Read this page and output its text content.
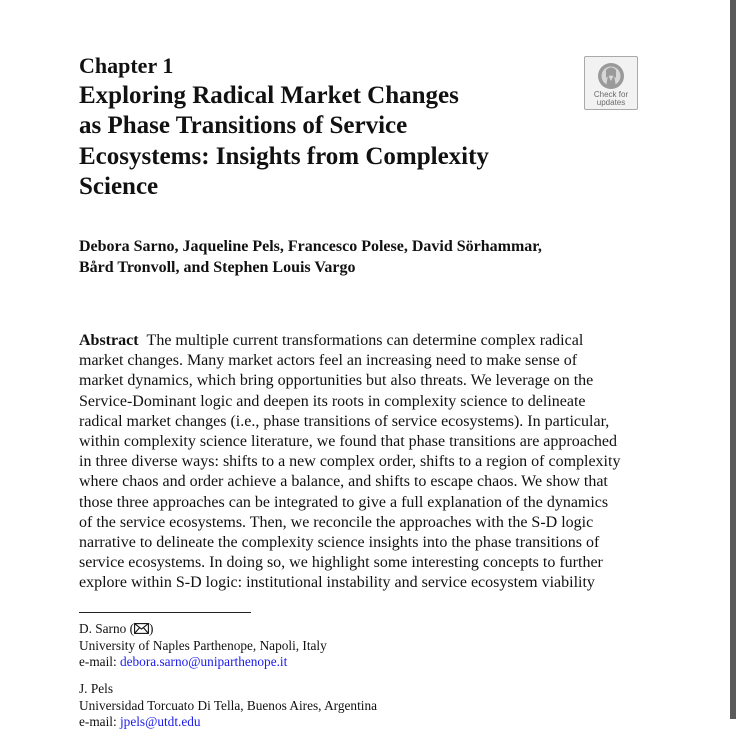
Chapter 1
Exploring Radical Market Changes
as Phase Transitions of Service
Ecosystems: Insights from Complexity
Science
Check for
updates
Debora Sarno, Jaqueline Pels, Francesco Polese, David Sörhammar,
Bård Tronvoll, and Stephen Louis Vargo
Abstract The multiple current transformations can determine complex radical
market changes. Many market actors feel an increasing need to make sense of
market dynamics, which bring opportunities but also threats. We leverage on the
Service-Dominant logic and deepen its roots in complexity science to delineate
radical market changes (i.e., phase transitions of service ecosystems). In particular,
within complexity science literature, we found that phase transitions are approached
in three diverse ways: shifts to a new complex order, shifts to a region of complexity
where chaos and order achieve a balance, and shifts to escape chaos. We show that
those three approaches can be integrated to give a full explanation of the dynamics
of the service ecosystems. Then, we reconcile the approaches with the S-D logic
narrative to delineate the complexity science insights into the phase transitions of
service ecosystems. In doing so, we highlight some interesting concepts to further
explore within S-D logic: institutional instability and service ecosystem viability
D. Sarno ( )
University of Naples Parthenope, Napoli, Italy
e-mail: debora.sarno@uniparthenope.it
J. Pels
Universidad Torcuato Di Tella, Buenos Aires, Argentina
e-mail: jpels@utdt.edu
